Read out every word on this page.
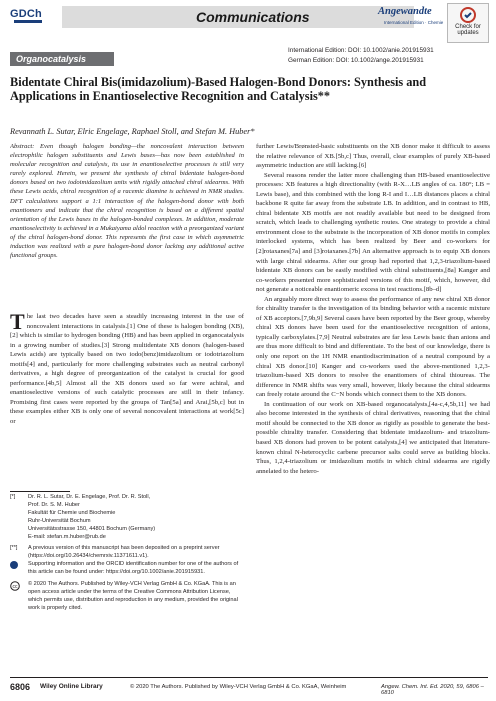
GDCh	Communications	Angewandte
International Edition · Chemie
Check for updates
International Edition: DOI: 10.1002/anie.201915931
German Edition: DOI: 10.1002/ange.201915931
Organocatalysis
Bidentate Chiral Bis(imidazolium)-Based Halogen-Bond Donors: Synthesis and Applications in Enantioselective Recognition and Catalysis**
Revannath L. Sutar, Elric Engelage, Raphael Stoll, and Stefan M. Huber*
Abstract: Even though halogen bonding—the noncovalent interaction between electrophilic halogen substituents and Lewis bases—has now been established in molecular recognition and catalysis, its use in enantioselective processes is still very rarely explored. Herein, we present the synthesis of chiral bidentate halogen-bond donors based on two iodoimidazolium units with rigidly attached chiral sidearms. With these Lewis acids, chiral recognition of a racemic diamine is achieved in NMR studies. DFT calculations support a 1:1 interaction of the halogen-bond donor with both enantiomers and indicate that the chiral recognition is based on a different spatial orientation of the Lewis bases in the halogen-bonded complexes. In addition, moderate enantioselectivity is achieved in a Mukaiyama aldol reaction with a preorganized variant of the chiral halogen-bond donor. This represents the first case in which asymmetric induction was realized with a pure halogen-bond donor lacking any additional active functional groups.
The last two decades have seen a steadily increasing interest in the use of noncovalent interactions in catalysis.[1] One of these is halogen bonding (XB),[2] which is similar to hydrogen bonding (HB) and has been applied in organocatalysis in a growing number of studies.[3] Strong multidentate XB donors (halogen-based Lewis acids) are typically based on two iodo(benz)imidazolium or iodotriazolium motifs[4] and, particularly for more challenging substrates such as neutral carbonyl derivatives, a high degree of preorganization of the catalyst is crucial for good performance.[4b,5] Almost all the XB donors used so far were achiral, and enantioselective versions of such catalytic processes are still in their infancy. Promising first cases were reported by the groups of Tan[5a] and Arai,[5b,c] but in these examples either XB is only one of several noncovalent interactions at work[5c] or
[*]	Dr. R. L. Sutar, Dr. E. Engelage, Prof. Dr. R. Stoll,
Prof. Dr. S. M. Huber
Fakultät für Chemie und Biochemie
Ruhr-Universität Bochum
Universitätsstrasse 150, 44801 Bochum (Germany)
E-mail: stefan.m.huber@rub.de
[**]	A previous version of this manuscript has been deposited on a preprint server (https://doi.org/10.26434/chemrxiv.11371611.v1).
Supporting information and the ORCID identification number for one of the authors of this article can be found under: https://doi.org/10.1002/anie.201915931.
cc © 2020 The Authors. Published by Wiley-VCH Verlag GmbH & Co. KGaA. This is an open access article under the terms of the Creative Commons Attribution License, which permits use, distribution and reproduction in any medium, provided the original work is properly cited.

further Lewis/Brønsted-basic substituents on the XB donor make it difficult to assess the relative relevance of XB.[5b,c] Thus, overall, clear examples of purely XB-based asymmetric induction are still lacking.[6]

Several reasons render the latter more challenging than HB-based enantioselective processes: XB features a high directionality (with R-X…LB angles of ca. 180°; LB = Lewis base), and this combined with the long R-I and I…LB distances places a chiral backbone R quite far away from the substrate LB. In addition, and in contrast to HB, chiral bidentate XB motifs are not readily available but need to be designed from scratch, which leads to challenging synthetic routes. One strategy to provide a chiral environment close to the substrate is the incorporation of XB donor motifs in complex interlocked systems, which has been realized by Beer and co-workers for [2]rotaxanes[7a] and [3]rotaxanes.[7b] An alternative approach is to equip XB donors with large chiral sidearms. After our group had reported that 1,2,3-triazolium-based bidentate XB donors can be easily modified with chiral substituents,[8a] Kanger and co-workers presented more sophisticated versions of this motif, which, however, did not generate a noticeable enantiomeric excess in test reactions.[8b–d]

An arguably more direct way to assess the performance of any new chiral XB donor for chirality transfer is the investigation of its binding behavior with a racemic mixture of XB acceptors.[7,9b,9] Several cases have been reported by the Beer group, whereby chiral XB donors have been used for the enantioselective recognition of anions, typically carboxylates.[7,9] Neutral substrates are far less Lewis basic than anions and are thus more difficult to bind and differentiate. To the best of our knowledge, there is only one report on the 1H NMR enantiodiscrimination of a neutral compound by a chiral XB donor.[10] Kanger and co-workers used the above-mentioned 1,2,3-triazolium-based XB donors to resolve the enantiomers of chiral thioureas. The difference in NMR shifts was very small, however, likely because the chiral sidearms can freely rotate around the C−N bonds which connect them to the XB donors.

In continuation of our work on XB-based organocatalysts,[4a-c,4,5b,11] we had also become interested in the synthesis of chiral derivatives, reasoning that the chiral motif should be connected to the XB donor as rigidly as possible to generate the best-possible chirality transfer. Considering that bidentate imidazolium- and triazolium-based XB donors had proven to be potent catalysts,[4] we anticipated that literature-known chiral N-heterocyclic carbene precursor salts could serve as building blocks. Thus, 1,2,4-triazolium or imidazolium motifs in which chiral sidearms are rigidly annelated to the hetero-

6806 Wiley Online Library	© 2020 The Authors. Published by Wiley-VCH Verlag GmbH & Co. KGaA, Weinheim	Angew. Chem. Int. Ed. 2020, 59, 6806 –6810
